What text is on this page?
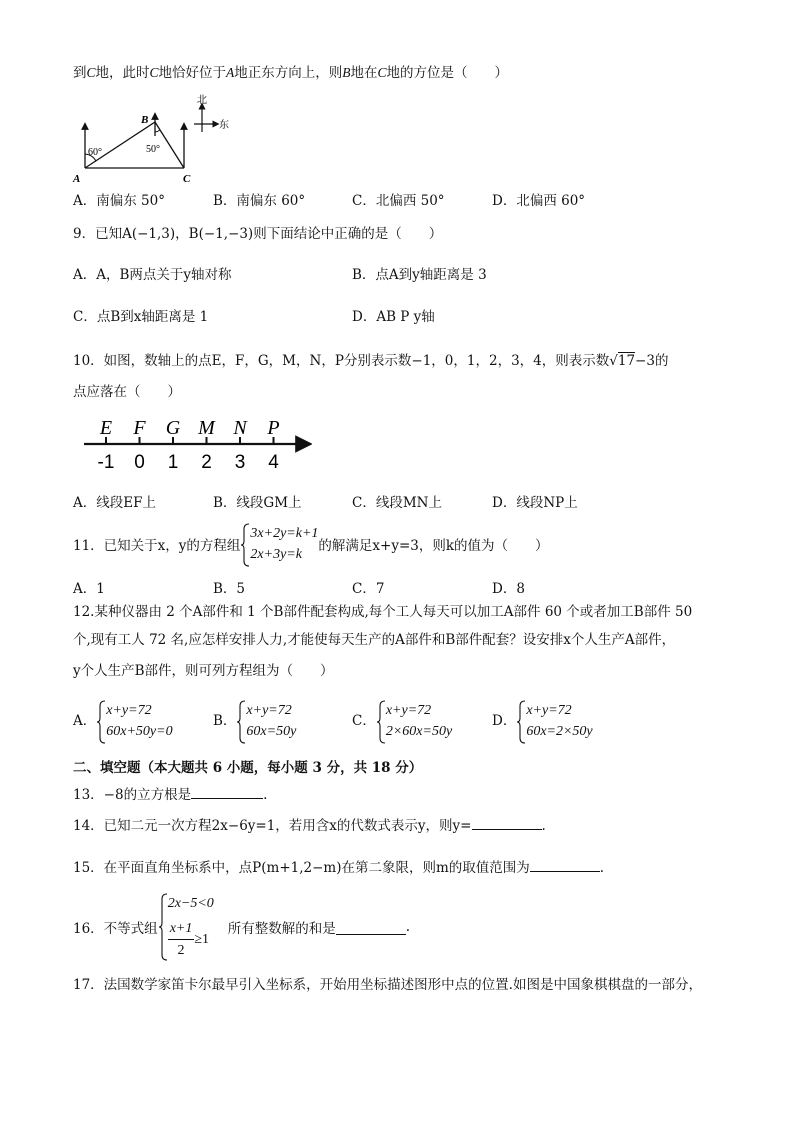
到C地，此时C地恰好位于A地正东方向上，则B地在C地的方位是（　　）
60°	50°
A
B
C
北
东
A．南偏东 50°	B．南偏东 60°	C．北偏西 50°	D．北偏西 60°
9．已知A(−1,3)，B(−1,−3)则下面结论中正确的是（　　）
A．A，B两点关于y轴对称	B．点A到y轴距离是 3
C．点B到x轴距离是 1	D．AB P y轴
10．如图，数轴上的点E，F，G，M，N，P分别表示数−1，0，1，2，3，4，则表示数√17−3的
点应落在（　　）
E
-1
F
0
G
1
M
2
N
3
P
4
A．线段EF上	B．线段GM上	C．线段MN上	D．线段NP上
11．已知关于x，y的方程组
3x+2y=k+1
2x+3y=k
的解满足x+y=3，则k的值为（　　）
A．1	B．5	C．7	D．8
12.某种仪器由 2 个A部件和 1 个B部件配套构成,每个工人每天可以加工A部件 60 个或者加工B部件 50
个,现有工人 72 名,应怎样安排人力,才能使每天生产的A部件和B部件配套？设安排x个人生产A部件，
y个人生产B部件，则可列方程组为（　　）
A．
x+y=72
60x+50y=0
B．
x+y=72
60x=50y
C．
x+y=72
2×60x=50y
D．
x+y=72
60x=2×50y
二、填空题（本大题共 6 小题，每小题 3 分，共 18 分）
13．−8的立方根是	.
14．已知二元一次方程2x−6y=1，若用含x的代数式表示y，则y=	.
15．在平面直角坐标系中，点P(m+1,2−m)在第二象限，则m的取值范围为	.
16．不等式组
2x−5<0
$\frac{x+1}{2} \ge 1$
所有整数解的和是	.
17．法国数学家笛卡尔最早引入坐标系，开始用坐标描述图形中点的位置.如图是中国象棋棋盘的一部分，
